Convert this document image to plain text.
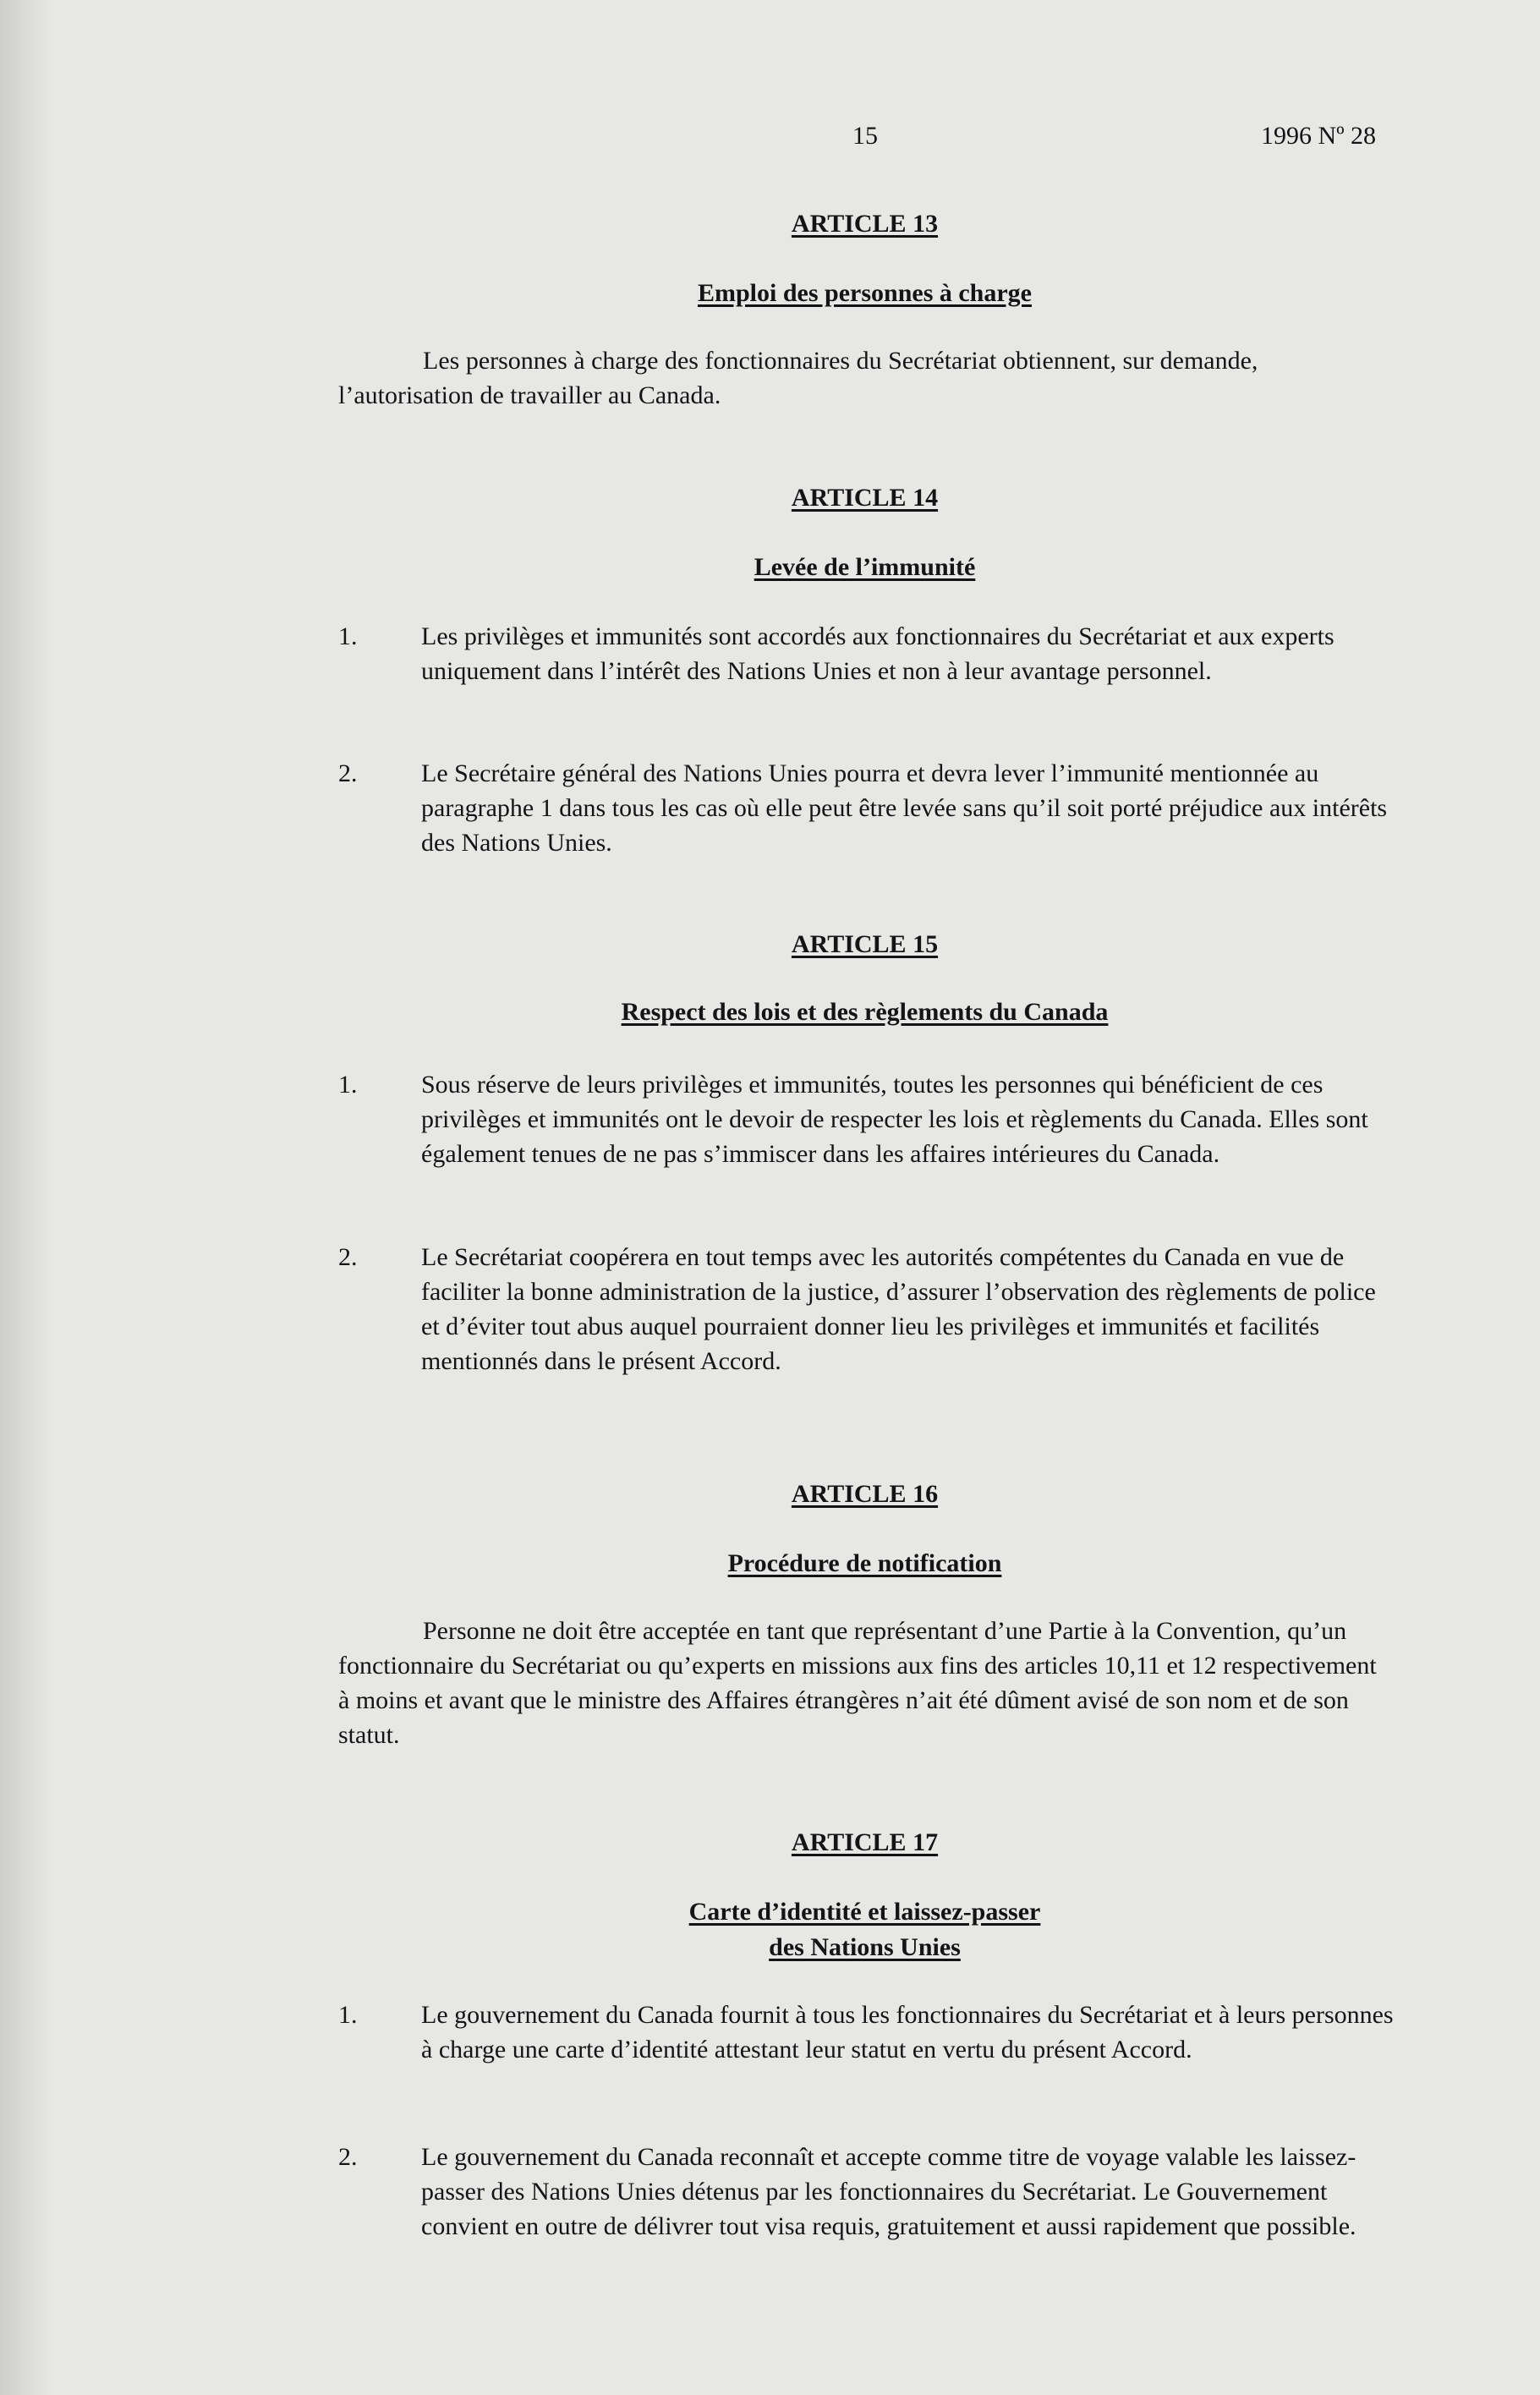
15	1996 Nº 28
ARTICLE 13
Emploi des personnes à charge
Les personnes à charge des fonctionnaires du Secrétariat obtiennent, sur demande, l’autorisation de travailler au Canada.
ARTICLE 14
Levée de l’immunité
1.	Les privilèges et immunités sont accordés aux fonctionnaires du Secrétariat et aux experts uniquement dans l’intérêt des Nations Unies et non à leur avantage personnel.
2.	Le Secrétaire général des Nations Unies pourra et devra lever l’immunité mentionnée au paragraphe 1 dans tous les cas où elle peut être levée sans qu’il soit porté préjudice aux intérêts des Nations Unies.
ARTICLE 15
Respect des lois et des règlements du Canada
1.	Sous réserve de leurs privilèges et immunités, toutes les personnes qui bénéficient de ces privilèges et immunités ont le devoir de respecter les lois et règlements du Canada. Elles sont également tenues de ne pas s’immiscer dans les affaires intérieures du Canada.
2.	Le Secrétariat coopérera en tout temps avec les autorités compétentes du Canada en vue de faciliter la bonne administration de la justice, d’assurer l’observation des règlements de police et d’éviter tout abus auquel pourraient donner lieu les privilèges et immunités et facilités mentionnés dans le présent Accord.
ARTICLE 16
Procédure de notification
Personne ne doit être acceptée en tant que représentant d’une Partie à la Convention, qu’un fonctionnaire du Secrétariat ou qu’experts en missions aux fins des articles 10,11 et 12 respectivement à moins et avant que le ministre des Affaires étrangères n’ait été dûment avisé de son nom et de son statut.
ARTICLE 17
Carte d’identité et laissez-passer
des Nations Unies
1.	Le gouvernement du Canada fournit à tous les fonctionnaires du Secrétariat et à leurs personnes à charge une carte d’identité attestant leur statut en vertu du présent Accord.
2.	Le gouvernement du Canada reconnaît et accepte comme titre de voyage valable les laissez-passer des Nations Unies détenus par les fonctionnaires du Secrétariat. Le Gouvernement convient en outre de délivrer tout visa requis, gratuitement et aussi rapidement que possible.
